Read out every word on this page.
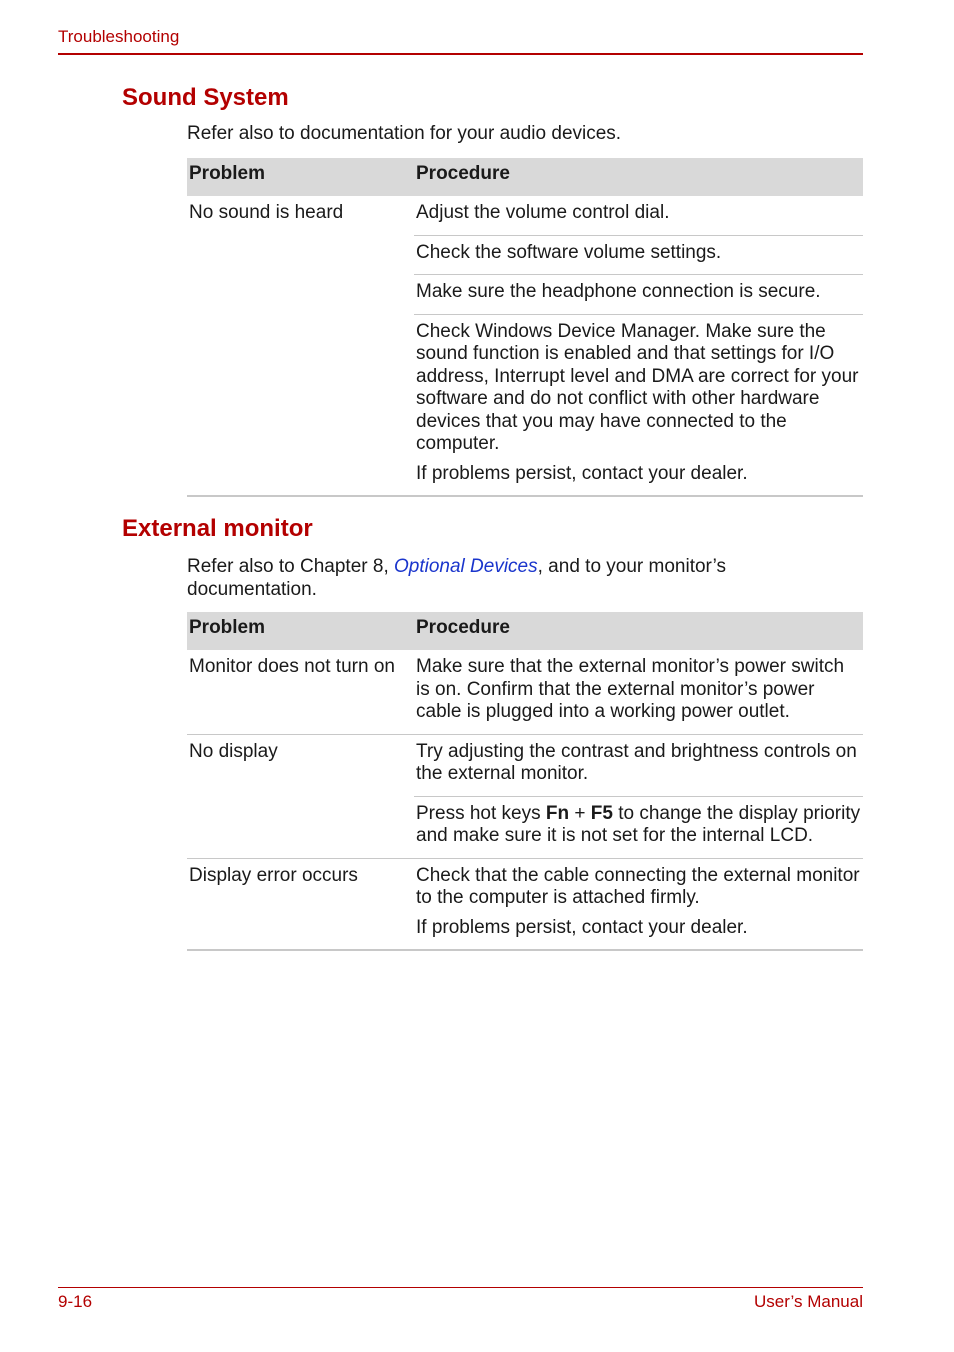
Troubleshooting
Sound System
Refer also to documentation for your audio devices.
Problem	Procedure
No sound is heard	Adjust the volume control dial.
	Check the software volume settings.
	Make sure the headphone connection is secure.

	Check Windows Device Manager. Make sure the sound function is enabled and that settings for I/O address, Interrupt level and DMA are correct for your software and do not conflict with other hardware devices that you may have connected to the computer.

If problems persist, contact your dealer.

External monitor
Refer also to Chapter 8, Optional Devices, and to your monitor’s documentation.
Problem	Procedure
Monitor does not turn on	Make sure that the external monitor’s power switch is on. Confirm that the external monitor’s power cable is plugged into a working power outlet.
No display	Try adjusting the contrast and brightness controls on the external monitor.
	Press hot keys Fn + F5 to change the display priority and make sure it is not set for the internal LCD.
Display error occurs	Check that the cable connecting the external monitor to the computer is attached firmly.

If problems persist, contact your dealer.

9-16	User’s Manual
